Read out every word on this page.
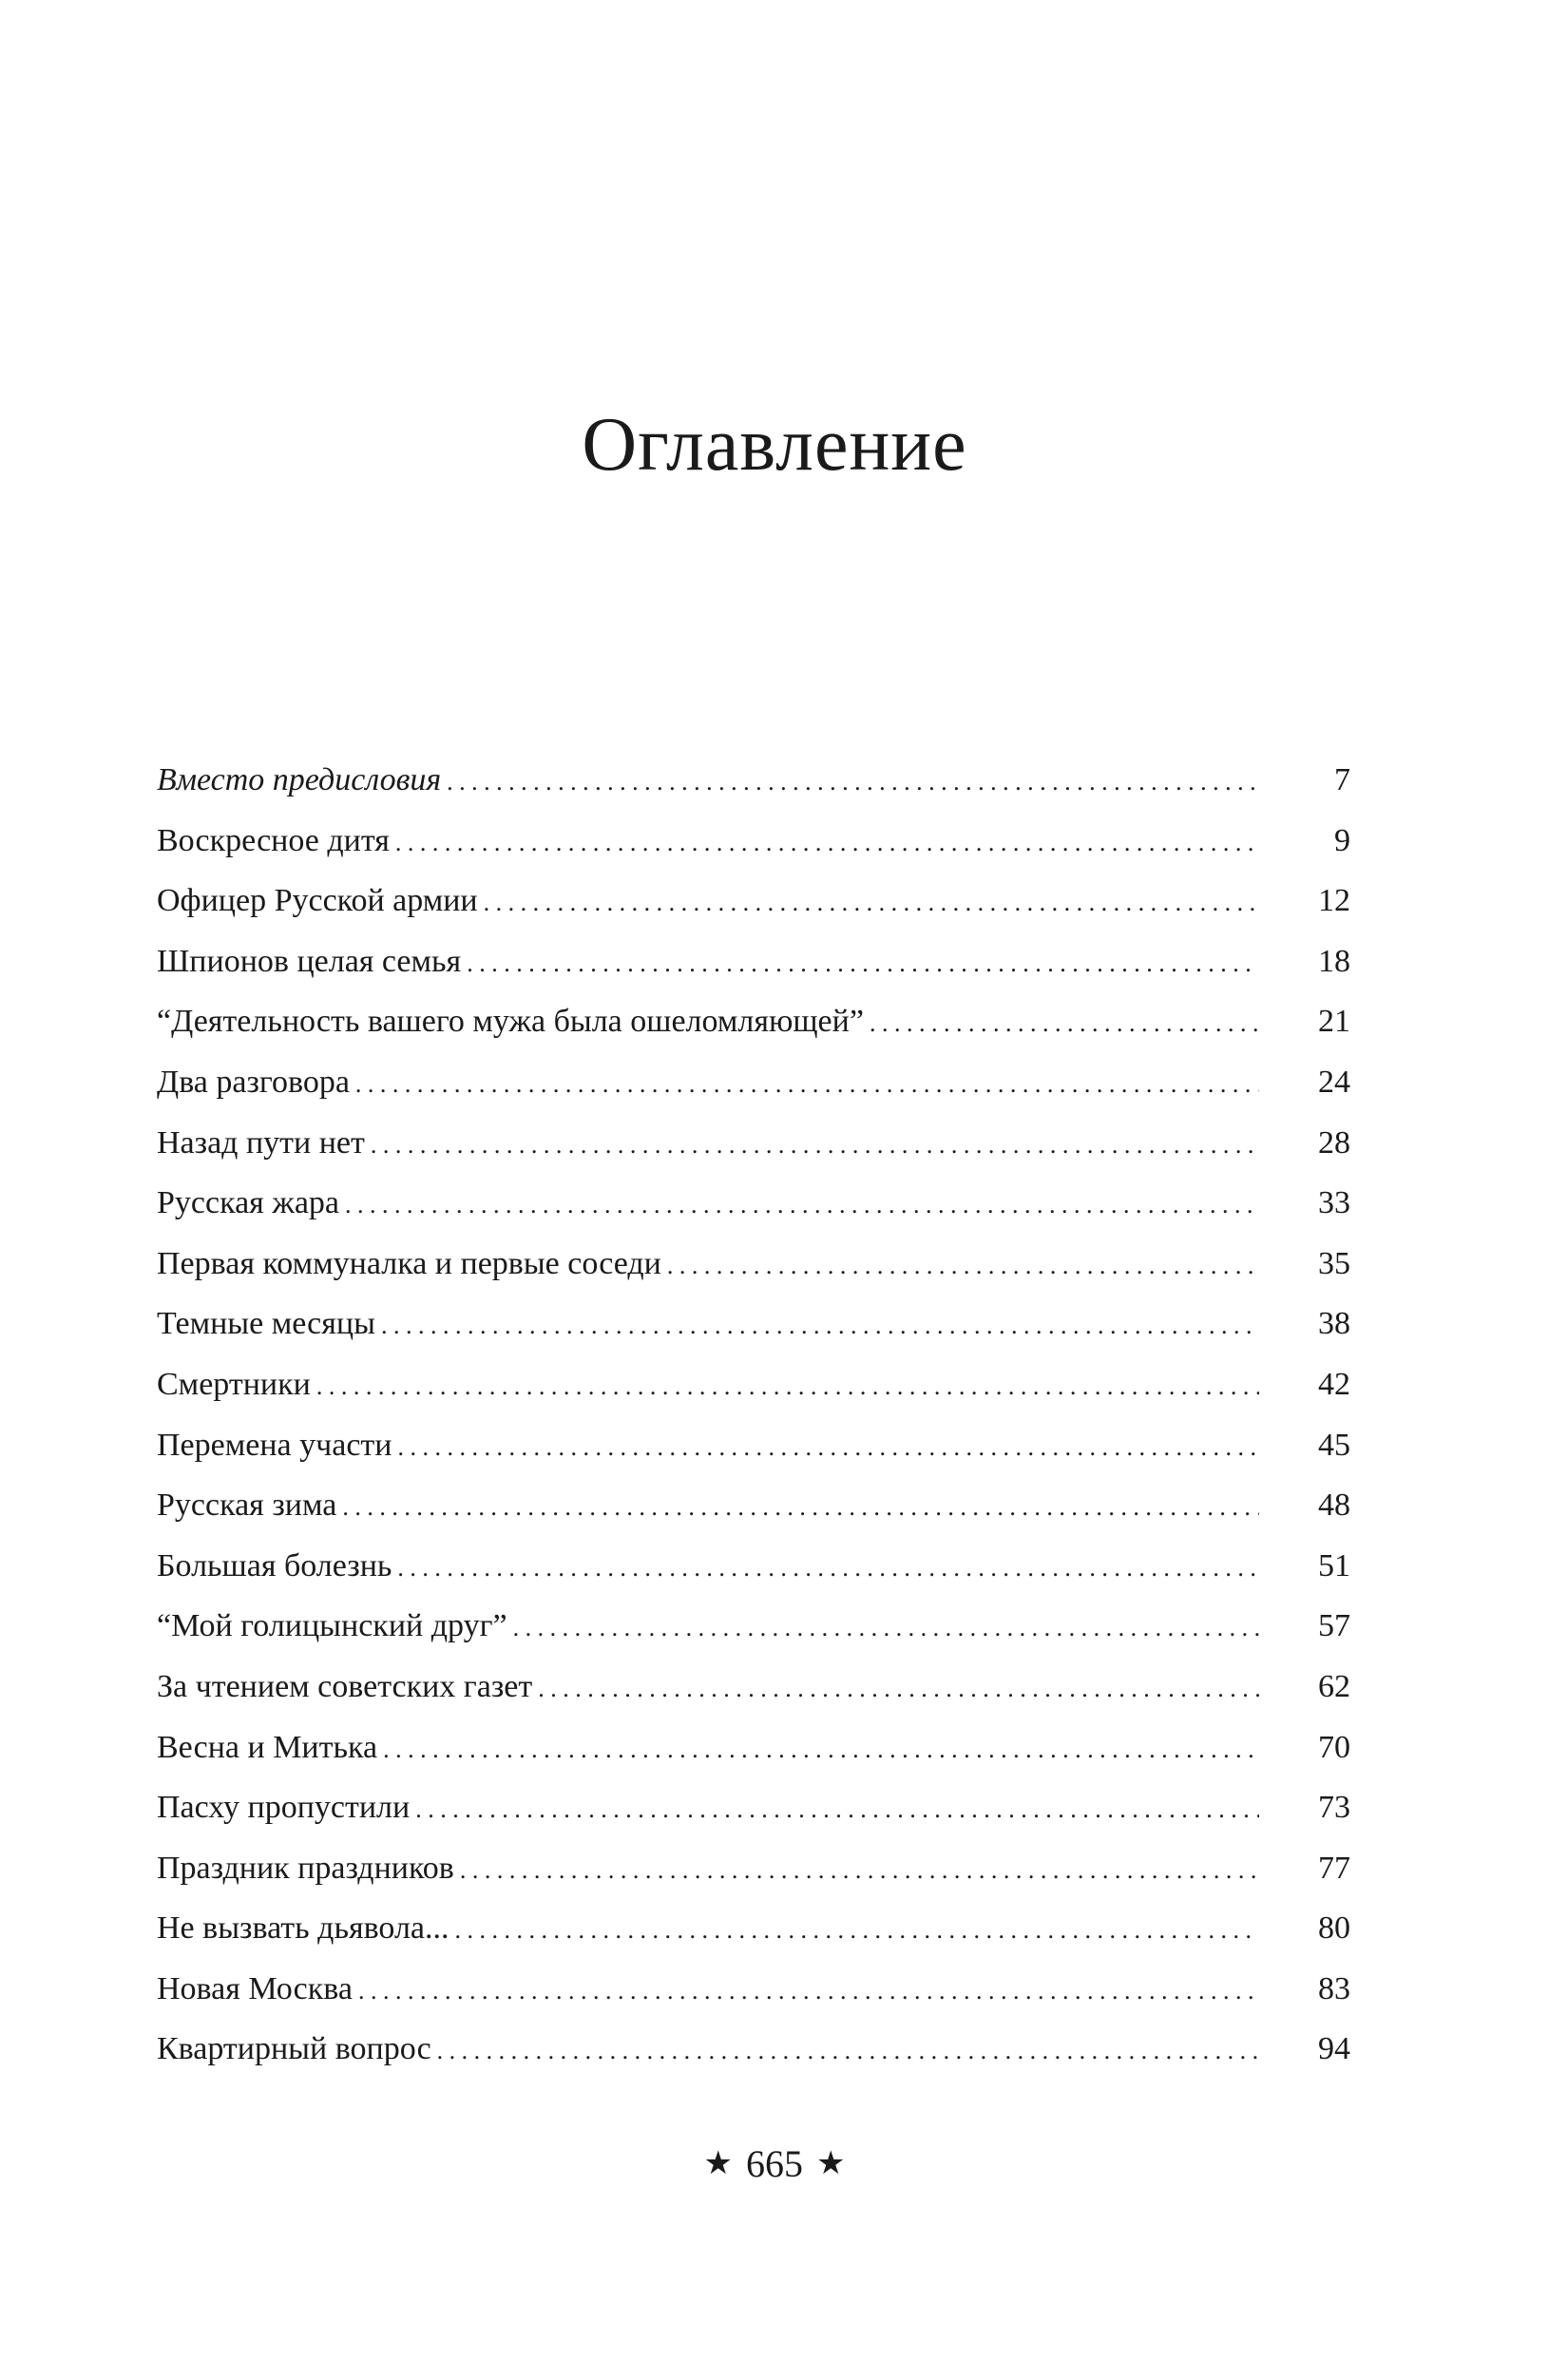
Оглавление
Вместо предисловия .....	7
Воскресное дитя .....	9
Офицер Русской армии .....	12
Шпионов целая семья .....	18
“Деятельность вашего мужа была ошеломляющей” .....	21
Два разговора .....	24
Назад пути нет .....	28
Русская жара .....	33
Первая коммуналка и первые соседи .....	35
Темные месяцы .....	38
Смертники .....	42
Перемена участи .....	45
Русская зима .....	48
Большая болезнь .....	51
“Мой голицынский друг” .....	57
За чтением советских газет .....	62
Весна и Митька .....	70
Пасху пропустили .....	73
Праздник праздников .....	77
Не вызвать дьявола... .....	80
Новая Москва .....	83
Квартирный вопрос .....	94
★ 665 ★
